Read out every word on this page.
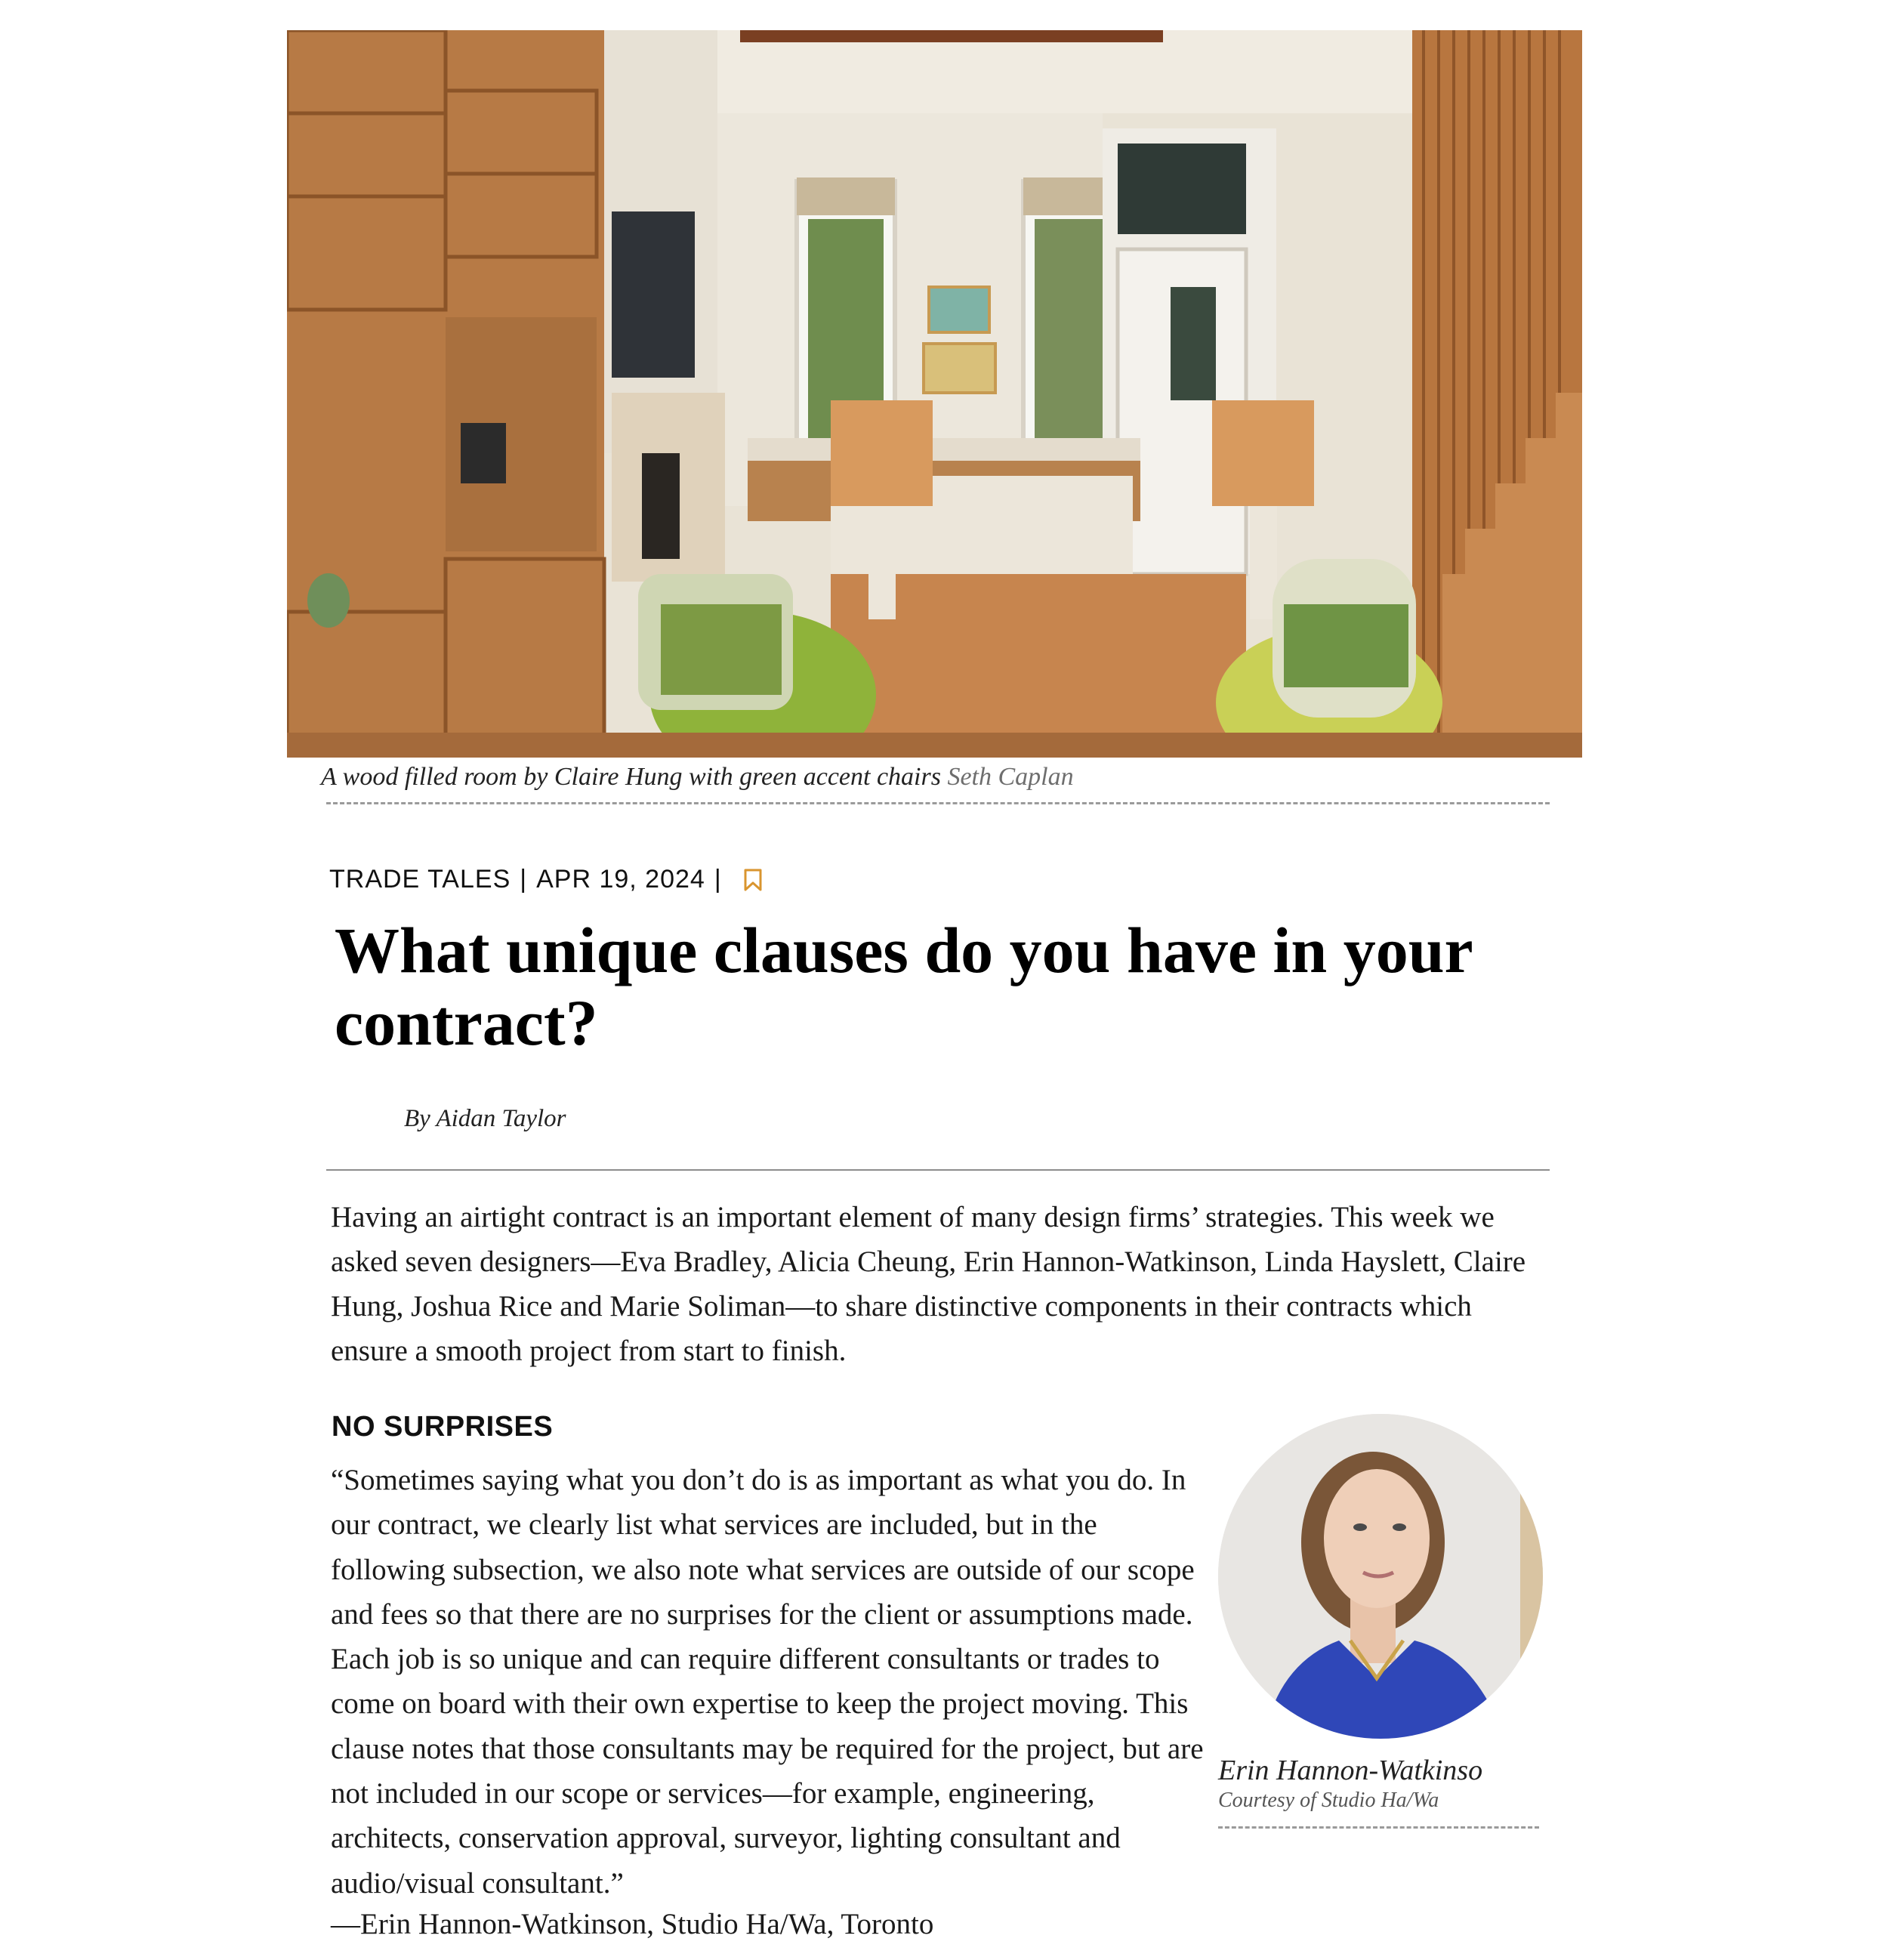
A wood filled room by Claire Hung with green accent chairs Seth Caplan
TRADE TALES | APR 19, 2024 |
What unique clauses do you have in your contract?
By Aidan Taylor

Having an airtight contract is an important element of many design firms’ strategies. This week we asked seven designers—Eva Bradley, Alicia Cheung, Erin Hannon-Watkinson, Linda Hayslett, Claire Hung, Joshua Rice and Marie Soliman—to share distinctive components in their contracts which ensure a smooth project from start to finish.

NO SURPRISES

“Sometimes saying what you don’t do is as important as what you do. In our contract, we clearly list what services are included, but in the following subsection, we also note what services are outside of our scope and fees so that there are no surprises for the client or assumptions made. Each job is so unique and can require different consultants or trades to come on board with their own expertise to keep the project moving. This clause notes that those consultants may be required for the project, but are not included in our scope or services—for example, engineering, architects, conservation approval, surveyor, lighting consultant and audio/visual consultant.”

—Erin Hannon-Watkinson, Studio Ha/Wa, Toronto
Erin Hannon-Watkinso
Courtesy of Studio Ha/Wa
